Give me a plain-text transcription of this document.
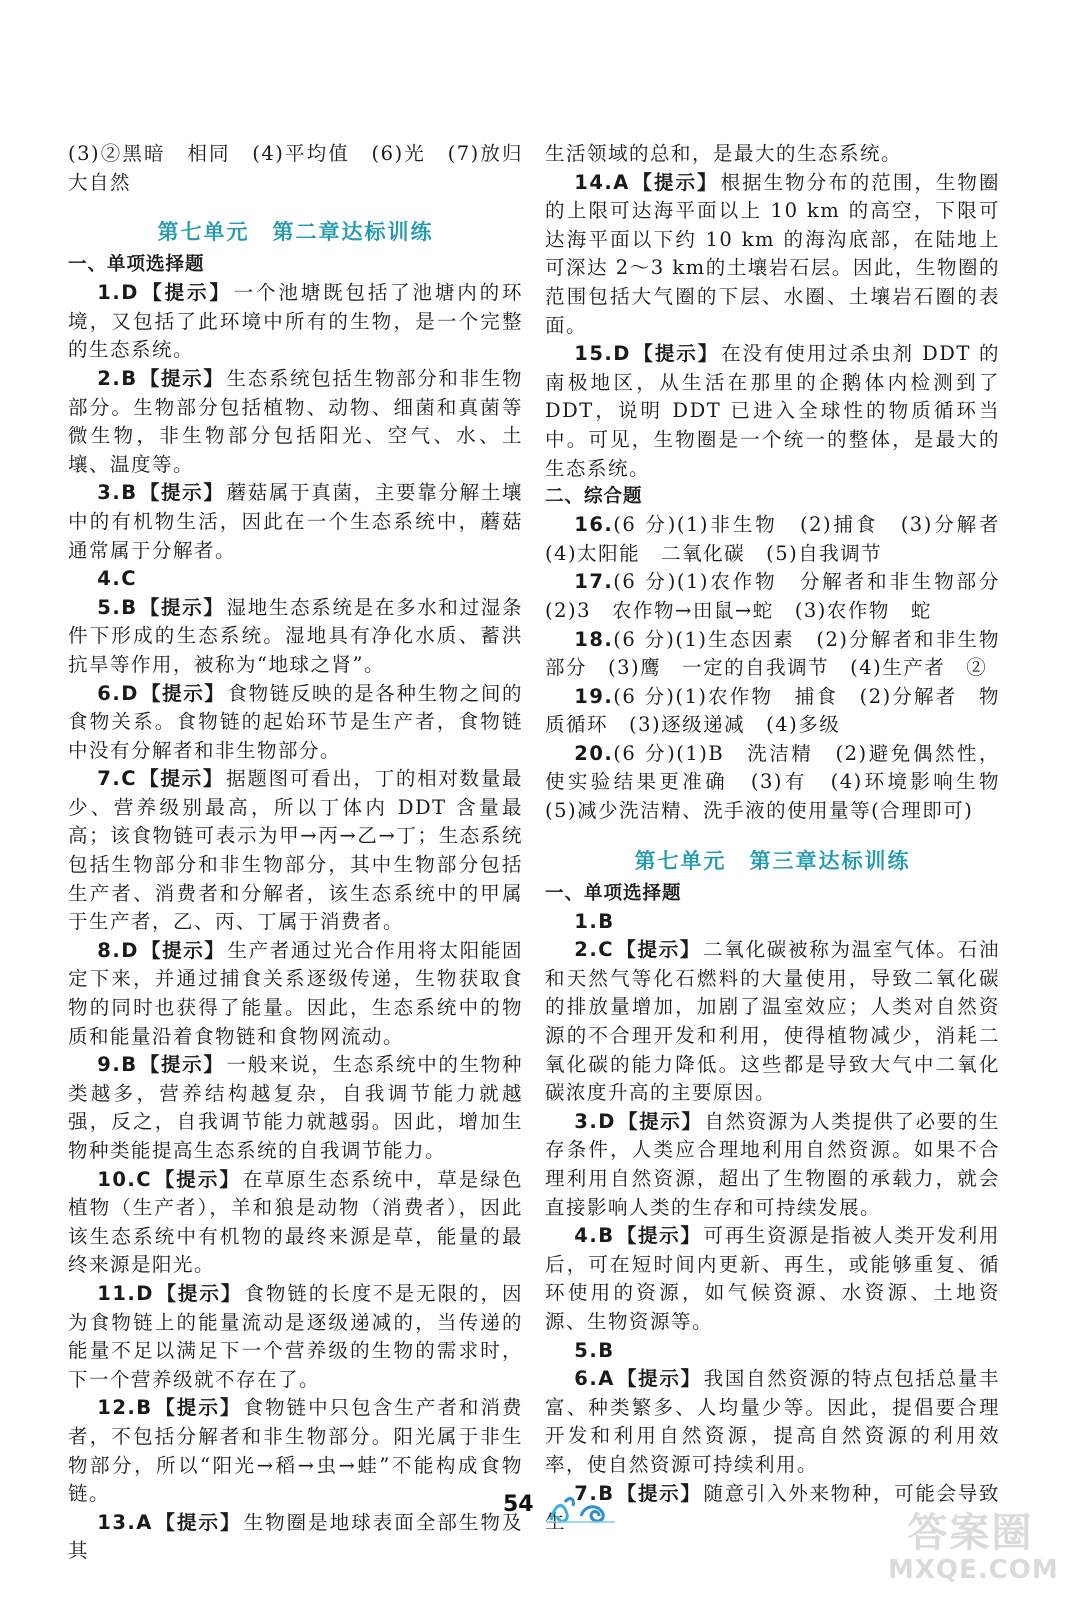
(3)②黑暗　相同　(4)平均值　(6)光　(7)放归大自然

第七单元　第二章达标训练

一、单项选择题

1.D 【提示】 一个池塘既包括了池塘内的环境，又包括了此环境中所有的生物，是一个完整的生态系统。

2.B 【提示】 生态系统包括生物部分和非生物部分。生物部分包括植物、动物、细菌和真菌等微生物，非生物部分包括阳光、空气、水、土壤、温度等。

3.B 【提示】 蘑菇属于真菌，主要靠分解土壤中的有机物生活，因此在一个生态系统中，蘑菇通常属于分解者。

4.C

5.B 【提示】 湿地生态系统是在多水和过湿条件下形成的生态系统。湿地具有净化水质、蓄洪抗旱等作用，被称为“地球之肾”。

6.D 【提示】 食物链反映的是各种生物之间的食物关系。食物链的起始环节是生产者，食物链中没有分解者和非生物部分。

7.C 【提示】 据题图可看出，丁的相对数量最少、营养级别最高，所以丁体内 DDT 含量最高；该食物链可表示为甲→丙→乙→丁；生态系统包括生物部分和非生物部分，其中生物部分包括生产者、消费者和分解者，该生态系统中的甲属于生产者，乙、丙、丁属于消费者。

8.D 【提示】 生产者通过光合作用将太阳能固定下来，并通过捕食关系逐级传递，生物获取食物的同时也获得了能量。因此，生态系统中的物质和能量沿着食物链和食物网流动。

9.B 【提示】 一般来说，生态系统中的生物种类越多，营养结构越复杂，自我调节能力就越强，反之，自我调节能力就越弱。因此，增加生物种类能提高生态系统的自我调节能力。

10.C 【提示】 在草原生态系统中，草是绿色植物（生产者），羊和狼是动物（消费者），因此该生态系统中有机物的最终来源是草，能量的最终来源是阳光。

11.D 【提示】 食物链的长度不是无限的，因为食物链上的能量流动是逐级递减的，当传递的能量不足以满足下一个营养级的生物的需求时，下一个营养级就不存在了。

12.B 【提示】 食物链中只包含生产者和消费者，不包括分解者和非生物部分。阳光属于非生物部分，所以“阳光→稻→虫→蛙”不能构成食物链。

13.A 【提示】 生物圈是地球表面全部生物及其

生活领域的总和，是最大的生态系统。

14.A 【提示】 根据生物分布的范围，生物圈的上限可达海平面以上 10 km 的高空，下限可达海平面以下约 10 km 的海沟底部，在陆地上可深达 2～3 km的土壤岩石层。因此，生物圈的范围包括大气圈的下层、水圈、土壤岩石圈的表面。

15.D 【提示】 在没有使用过杀虫剂 DDT 的南极地区，从生活在那里的企鹅体内检测到了 DDT，说明 DDT 已进入全球性的物质循环当中。可见，生物圈是一个统一的整体，是最大的生态系统。

二、综合题

16.(6 分)(1)非生物　(2)捕食　(3)分解者　(4)太阳能　二氧化碳　(5)自我调节

17.(6 分)(1)农作物　分解者和非生物部分　(2)3　农作物→田鼠→蛇　(3)农作物　蛇

18.(6 分)(1)生态因素　(2)分解者和非生物部分　(3)鹰　一定的自我调节　(4)生产者　②

19.(6 分)(1)农作物　捕食　(2)分解者　物质循环　(3)逐级递减　(4)多级

20.(6 分)(1)B　洗洁精　(2)避免偶然性，使实验结果更准确　(3)有　(4)环境影响生物　(5)减少洗洁精、洗手液的使用量等(合理即可)

第七单元　第三章达标训练

一、单项选择题

1.B

2.C 【提示】 二氧化碳被称为温室气体。石油和天然气等化石燃料的大量使用，导致二氧化碳的排放量增加，加剧了温室效应；人类对自然资源的不合理开发和利用，使得植物减少，消耗二氧化碳的能力降低。这些都是导致大气中二氧化碳浓度升高的主要原因。

3.D 【提示】 自然资源为人类提供了必要的生存条件，人类应合理地利用自然资源。如果不合理利用自然资源，超出了生物圈的承载力，就会直接影响人类的生存和可持续发展。

4.B 【提示】 可再生资源是指被人类开发利用后，可在短时间内更新、再生，或能够重复、循环使用的资源，如气候资源、水资源、土地资源、生物资源等。

5.B

6.A 【提示】 我国自然资源的特点包括总量丰富、种类繁多、人均量少等。因此，提倡要合理开发和利用自然资源，提高自然资源的利用效率，使自然资源可持续利用。

7.B 【提示】 随意引入外来物种，可能会导致生

54
答案圈
MXQE.COM
